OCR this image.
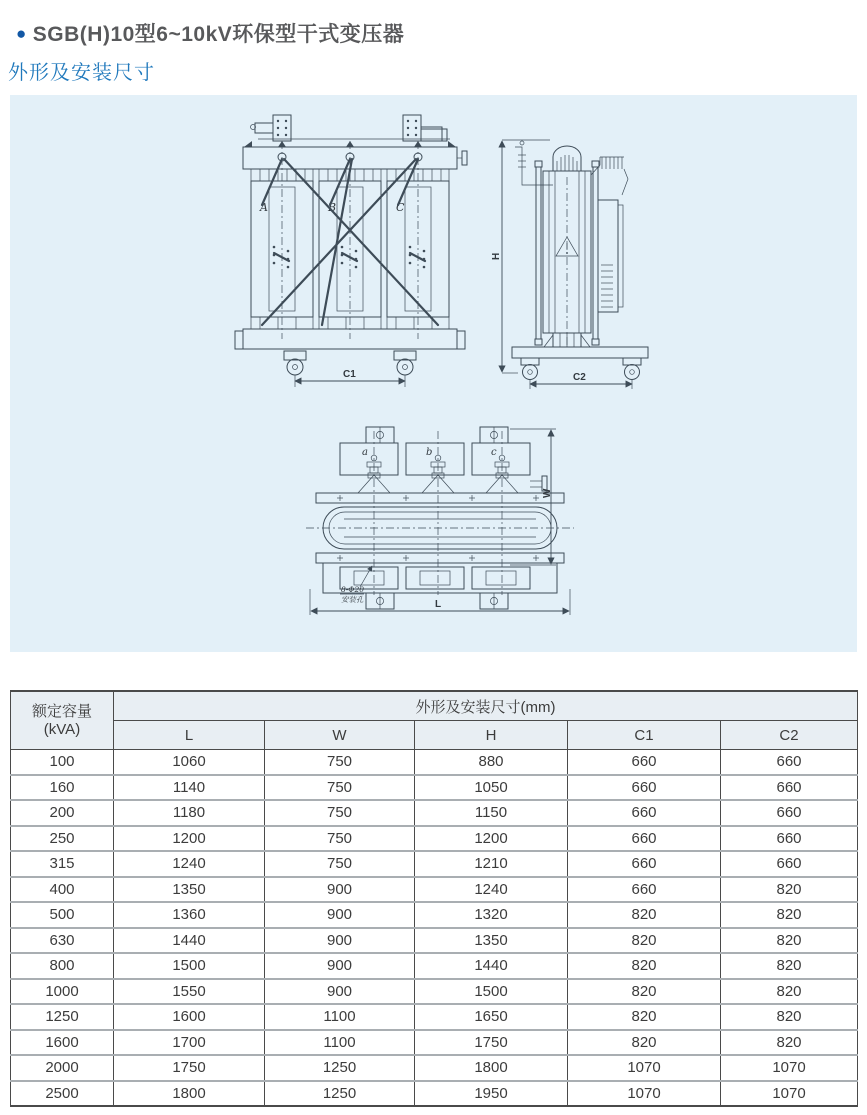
● SGB(H)10型6~10kV环保型干式变压器
外形及安装尺寸
A	B	C
C1
H
C2
a	b	c
W
L
8-Φ20
安装孔
额定容量
(kVA)	外形及安装尺寸(mm)				
	L	W	H	C1	C2
100	1060	750	880	660	660
160	1140	750	1050	660	660
200	1180	750	1150	660	660
250	1200	750	1200	660	660
315	1240	750	1210	660	660
400	1350	900	1240	660	820
500	1360	900	1320	820	820
630	1440	900	1350	820	820
800	1500	900	1440	820	820
1000	1550	900	1500	820	820
1250	1600	1100	1650	820	820
1600	1700	1100	1750	820	820
2000	1750	1250	1800	1070	1070
2500	1800	1250	1950	1070	1070
